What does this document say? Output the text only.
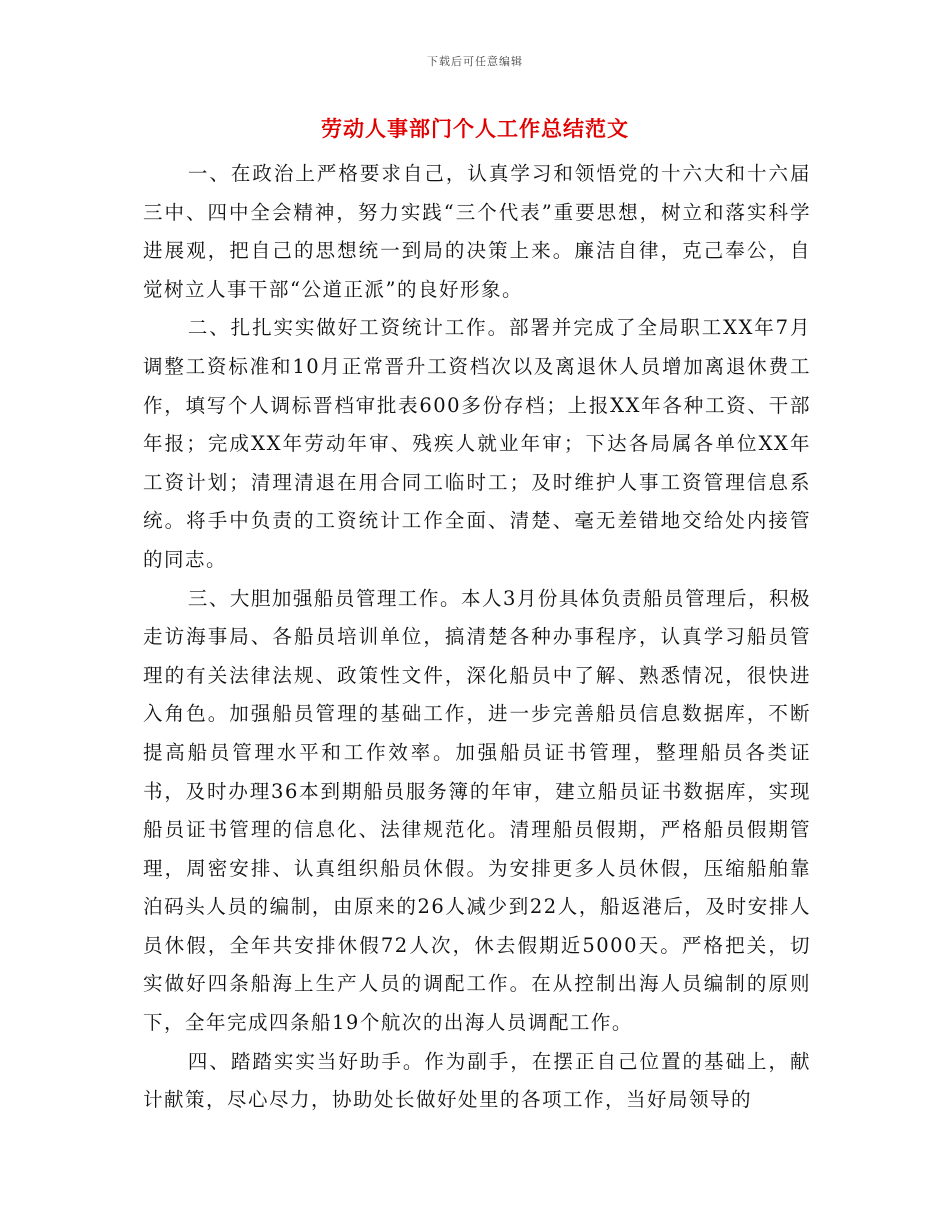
下载后可任意编辑
劳动人事部门个人工作总结范文

一、在政治上严格要求自己，认真学习和领悟党的十六大和十六届三中、四中全会精神，努力实践“三个代表”重要思想，树立和落实科学进展观，把自己的思想统一到局的决策上来。廉洁自律，克己奉公，自觉树立人事干部“公道正派”的良好形象。

二、扎扎实实做好工资统计工作。部署并完成了全局职工XX年7月调整工资标准和10月正常晋升工资档次以及离退休人员增加离退休费工作，填写个人调标晋档审批表600多份存档；上报XX年各种工资、干部年报；完成XX年劳动年审、残疾人就业年审；下达各局属各单位XX年工资计划；清理清退在用合同工临时工；及时维护人事工资管理信息系统。将手中负责的工资统计工作全面、清楚、毫无差错地交给处内接管的同志。

三、大胆加强船员管理工作。本人3月份具体负责船员管理后，积极走访海事局、各船员培训单位，搞清楚各种办事程序，认真学习船员管理的有关法律法规、政策性文件，深化船员中了解、熟悉情况，很快进入角色。加强船员管理的基础工作，进一步完善船员信息数据库，不断提高船员管理水平和工作效率。加强船员证书管理，整理船员各类证书，及时办理36本到期船员服务簿的年审，建立船员证书数据库，实现船员证书管理的信息化、法律规范化。清理船员假期，严格船员假期管理，周密安排、认真组织船员休假。为安排更多人员休假，压缩船舶靠泊码头人员的编制，由原来的26人减少到22人，船返港后，及时安排人员休假，全年共安排休假72人次，休去假期近5000天。严格把关，切实做好四条船海上生产人员的调配工作。在从控制出海人员编制的原则下，全年完成四条船19个航次的出海人员调配工作。

四、踏踏实实当好助手。作为副手，在摆正自己位置的基础上，献计献策，尽心尽力，协助处长做好处里的各项工作，当好局领导的
